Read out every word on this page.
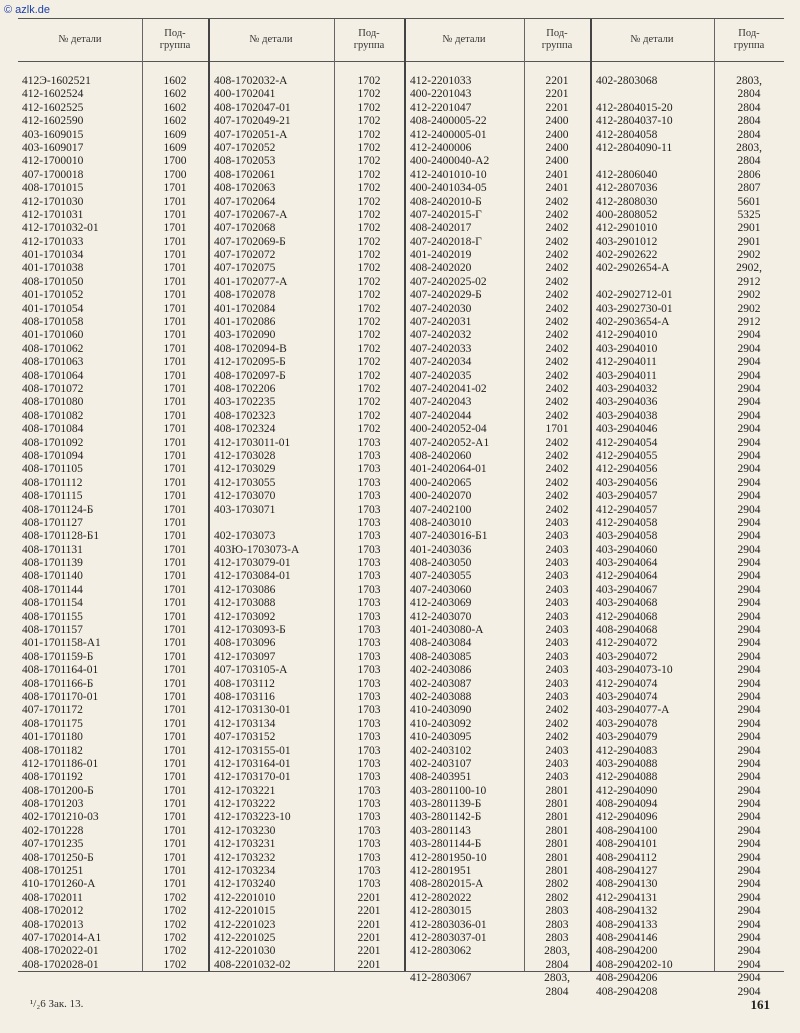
© azlk.de
№ детали
Под-
группа
№ детали
Под-
группа
№ детали
Под-
группа
№ детали
Под-
группа
412Э-1602521
412-1602524
412-1602525
412-1602590
403-1609015
403-1609017
412-1700010
407-1700018
408-1701015
412-1701030
412-1701031
412-1701032-01
412-1701033
401-1701034
401-1701038
408-1701050
401-1701052
401-1701054
408-1701058
401-1701060
408-1701062
408-1701063
408-1701064
408-1701072
408-1701080
408-1701082
408-1701084
408-1701092
408-1701094
408-1701105
408-1701112
408-1701115
408-1701124-Б
408-1701127
408-1701128-Б1
408-1701131
408-1701139
408-1701140
408-1701144
408-1701154
408-1701155
408-1701157
401-1701158-А1
408-1701159-Б
408-1701164-01
408-1701166-Б
408-1701170-01
407-1701172
408-1701175
401-1701180
408-1701182
412-1701186-01
408-1701192
408-1701200-Б
408-1701203
402-1701210-03
402-1701228
407-1701235
408-1701250-Б
408-1701251
410-1701260-А
408-1702011
408-1702012
408-1702013
407-1702014-А1
408-1702022-01
408-1702028-01
1602
1602
1602
1602
1609
1609
1700
1700
1701
1701
1701
1701
1701
1701
1701
1701
1701
1701
1701
1701
1701
1701
1701
1701
1701
1701
1701
1701
1701
1701
1701
1701
1701
1701
1701
1701
1701
1701
1701
1701
1701
1701
1701
1701
1701
1701
1701
1701
1701
1701
1701
1701
1701
1701
1701
1701
1701
1701
1701
1701
1701
1702
1702
1702
1702
1702
1702
408-1702032-А
400-1702041
408-1702047-01
407-1702049-21
407-1702051-А
407-1702052
408-1702053
408-1702061
408-1702063
407-1702064
407-1702067-А
407-1702068
407-1702069-Б
407-1702072
407-1702075
401-1702077-А
408-1702078
401-1702084
401-1702086
403-1702090
408-1702094-В
412-1702095-Б
408-1702097-Б
408-1702206
403-1702235
408-1702323
408-1702324
412-1703011-01
412-1703028
412-1703029
412-1703055
412-1703070
403-1703071
402-1703073
403Ю-1703073-А
412-1703079-01
412-1703084-01
412-1703086
412-1703088
412-1703092
412-1703093-Б
408-1703096
412-1703097
407-1703105-А
408-1703112
408-1703116
412-1703130-01
412-1703134
407-1703152
412-1703155-01
412-1703164-01
412-1703170-01
412-1703221
412-1703222
412-1703223-10
412-1703230
412-1703231
412-1703232
412-1703234
412-1703240
412-2201010
412-2201015
412-2201023
412-2201025
412-2201030
408-2201032-02
1702
1702
1702
1702
1702
1702
1702
1702
1702
1702
1702
1702
1702
1702
1702
1702
1702
1702
1702
1702
1702
1702
1702
1702
1702
1702
1702
1703
1703
1703
1703
1703
1703
1703
1703
1703
1703
1703
1703
1703
1703
1703
1703
1703
1703
1703
1703
1703
1703
1703
1703
1703
1703
1703
1703
1703
1703
1703
1703
1703
1703
2201
2201
2201
2201
2201
2201
412-2201033
400-2201043
412-2201047
408-2400005-22
412-2400005-01
412-2400006
400-2400040-А2
412-2401010-10
400-2401034-05
408-2402010-Б
407-2402015-Г
408-2402017
407-2402018-Г
401-2402019
408-2402020
407-2402025-02
407-2402029-Б
407-2402030
407-2402031
407-2402032
407-2402033
407-2402034
407-2402035
407-2402041-02
407-2402043
407-2402044
400-2402052-04
407-2402052-А1
408-2402060
401-2402064-01
400-2402065
400-2402070
407-2402100
408-2403010
407-2403016-Б1
401-2403036
408-2403050
407-2403055
407-2403060
412-2403069
412-2403070
401-2403080-А
408-2403084
408-2403085
402-2403086
402-2403087
402-2403088
410-2403090
410-2403092
410-2403095
402-2403102
402-2403107
408-2403951
403-2801100-10
403-2801139-Б
403-2801142-Б
403-2801143
403-2801144-Б
412-2801950-10
412-2801951
408-2802015-А
412-2802022
412-2803015
412-2803036-01
412-2803037-01
412-2803062
412-2803067
2201
2201
2201
2400
2400
2400
2400
2401
2401
2402
2402
2402
2402
2402
2402
2402
2402
2402
2402
2402
2402
2402
2402
2402
2402
2402
1701
2402
2402
2402
2402
2402
2402
2403
2403
2403
2403
2403
2403
2403
2403
2403
2403
2403
2403
2403
2403
2402
2402
2402
2403
2403
2403
2801
2801
2801
2801
2801
2801
2801
2802
2802
2803
2803
2803
2803,
2804
2803,
2804
402-2803068
412-2804015-20
412-2804037-10
412-2804058
412-2804090-11
412-2806040
412-2807036
412-2808030
400-2808052
412-2901010
403-2901012
402-2902622
402-2902654-А
402-2902712-01
403-2902730-01
402-2903654-А
412-2904010
403-2904010
412-2904011
403-2904011
403-2904032
403-2904036
403-2904038
403-2904046
412-2904054
412-2904055
412-2904056
403-2904056
403-2904057
412-2904057
412-2904058
403-2904058
403-2904060
403-2904064
412-2904064
403-2904067
403-2904068
412-2904068
408-2904068
412-2904072
403-2904072
403-2904073-10
412-2904074
403-2904074
403-2904077-А
403-2904078
403-2904079
412-2904083
403-2904088
412-2904088
412-2904090
408-2904094
412-2904096
408-2904100
408-2904101
408-2904112
408-2904127
408-2904130
412-2904131
408-2904132
408-2904133
408-2904146
408-2904200
408-2904202-10
408-2904206
408-2904208
2803,
2804
2804
2804
2804
2803,
2804
2806
2807
5601
5325
2901
2901
2902
2902,
2912
2902
2902
2912
2904
2904
2904
2904
2904
2904
2904
2904
2904
2904
2904
2904
2904
2904
2904
2904
2904
2904
2904
2904
2904
2904
2904
2904
2904
2904
2904
2904
2904
2904
2904
2904
2904
2904
2904
2904
2904
2904
2904
2904
2904
2904
2904
2904
2904
2904
2904
2904
2904
2904
¹/₂6 Зак. 13.	161
